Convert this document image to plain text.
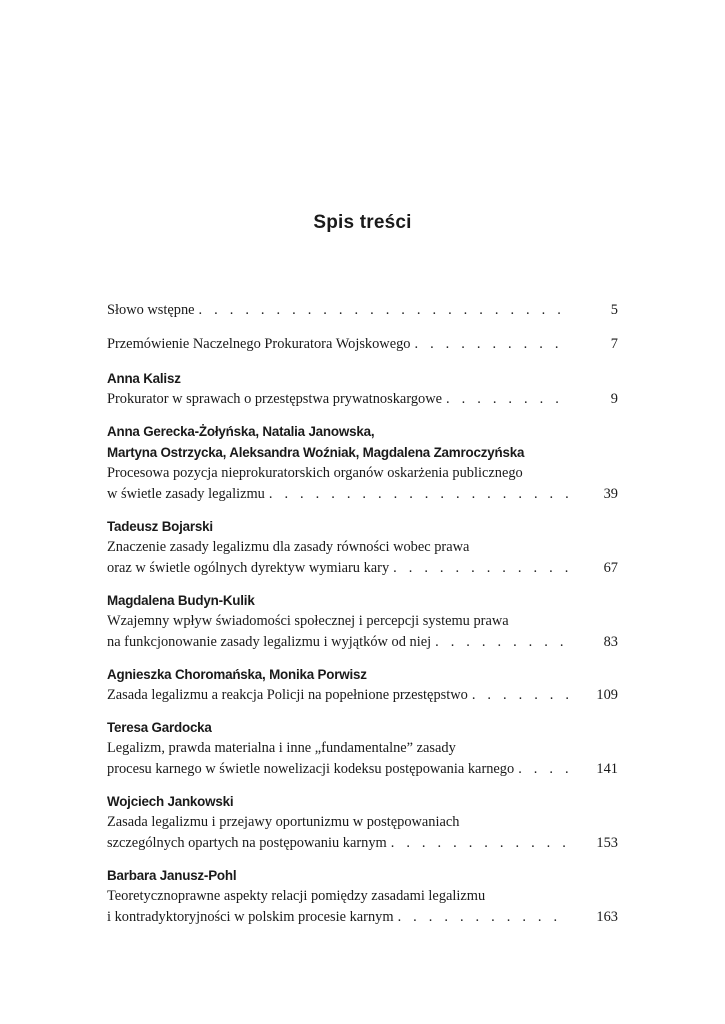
Spis treści
Słowo wstępne . . .	5
Przemówienie Naczelnego Prokuratora Wojskowego . . .	7
Anna Kalisz
Prokurator w sprawach o przestępstwa prywatnoskargowe . . .	9
Anna Gerecka-Żołyńska, Natalia Janowska,
Martyna Ostrzycka, Aleksandra Woźniak, Magdalena Zamroczyńska
Procesowa pozycja nieprokuratorskich organów oskarżenia publicznego
w świetle zasady legalizmu . . .	39
Tadeusz Bojarski
Znaczenie zasady legalizmu dla zasady równości wobec prawa
oraz w świetle ogólnych dyrektyw wymiaru kary . . .	67
Magdalena Budyn-Kulik
Wzajemny wpływ świadomości społecznej i percepcji systemu prawa
na funkcjonowanie zasady legalizmu i wyjątków od niej . . .	83
Agnieszka Choromańska, Monika Porwisz
Zasada legalizmu a reakcja Policji na popełnione przestępstwo . . .	109
Teresa Gardocka
Legalizm, prawda materialna i inne „fundamentalne” zasady
procesu karnego w świetle nowelizacji kodeksu postępowania karnego . . .	141
Wojciech Jankowski
Zasada legalizmu i przejawy oportunizmu w postępowaniach
szczególnych opartych na postępowaniu karnym . . .	153
Barbara Janusz-Pohl
Teoretycznoprawne aspekty relacji pomiędzy zasadami legalizmu
i kontradyktoryjności w polskim procesie karnym . . .	163
